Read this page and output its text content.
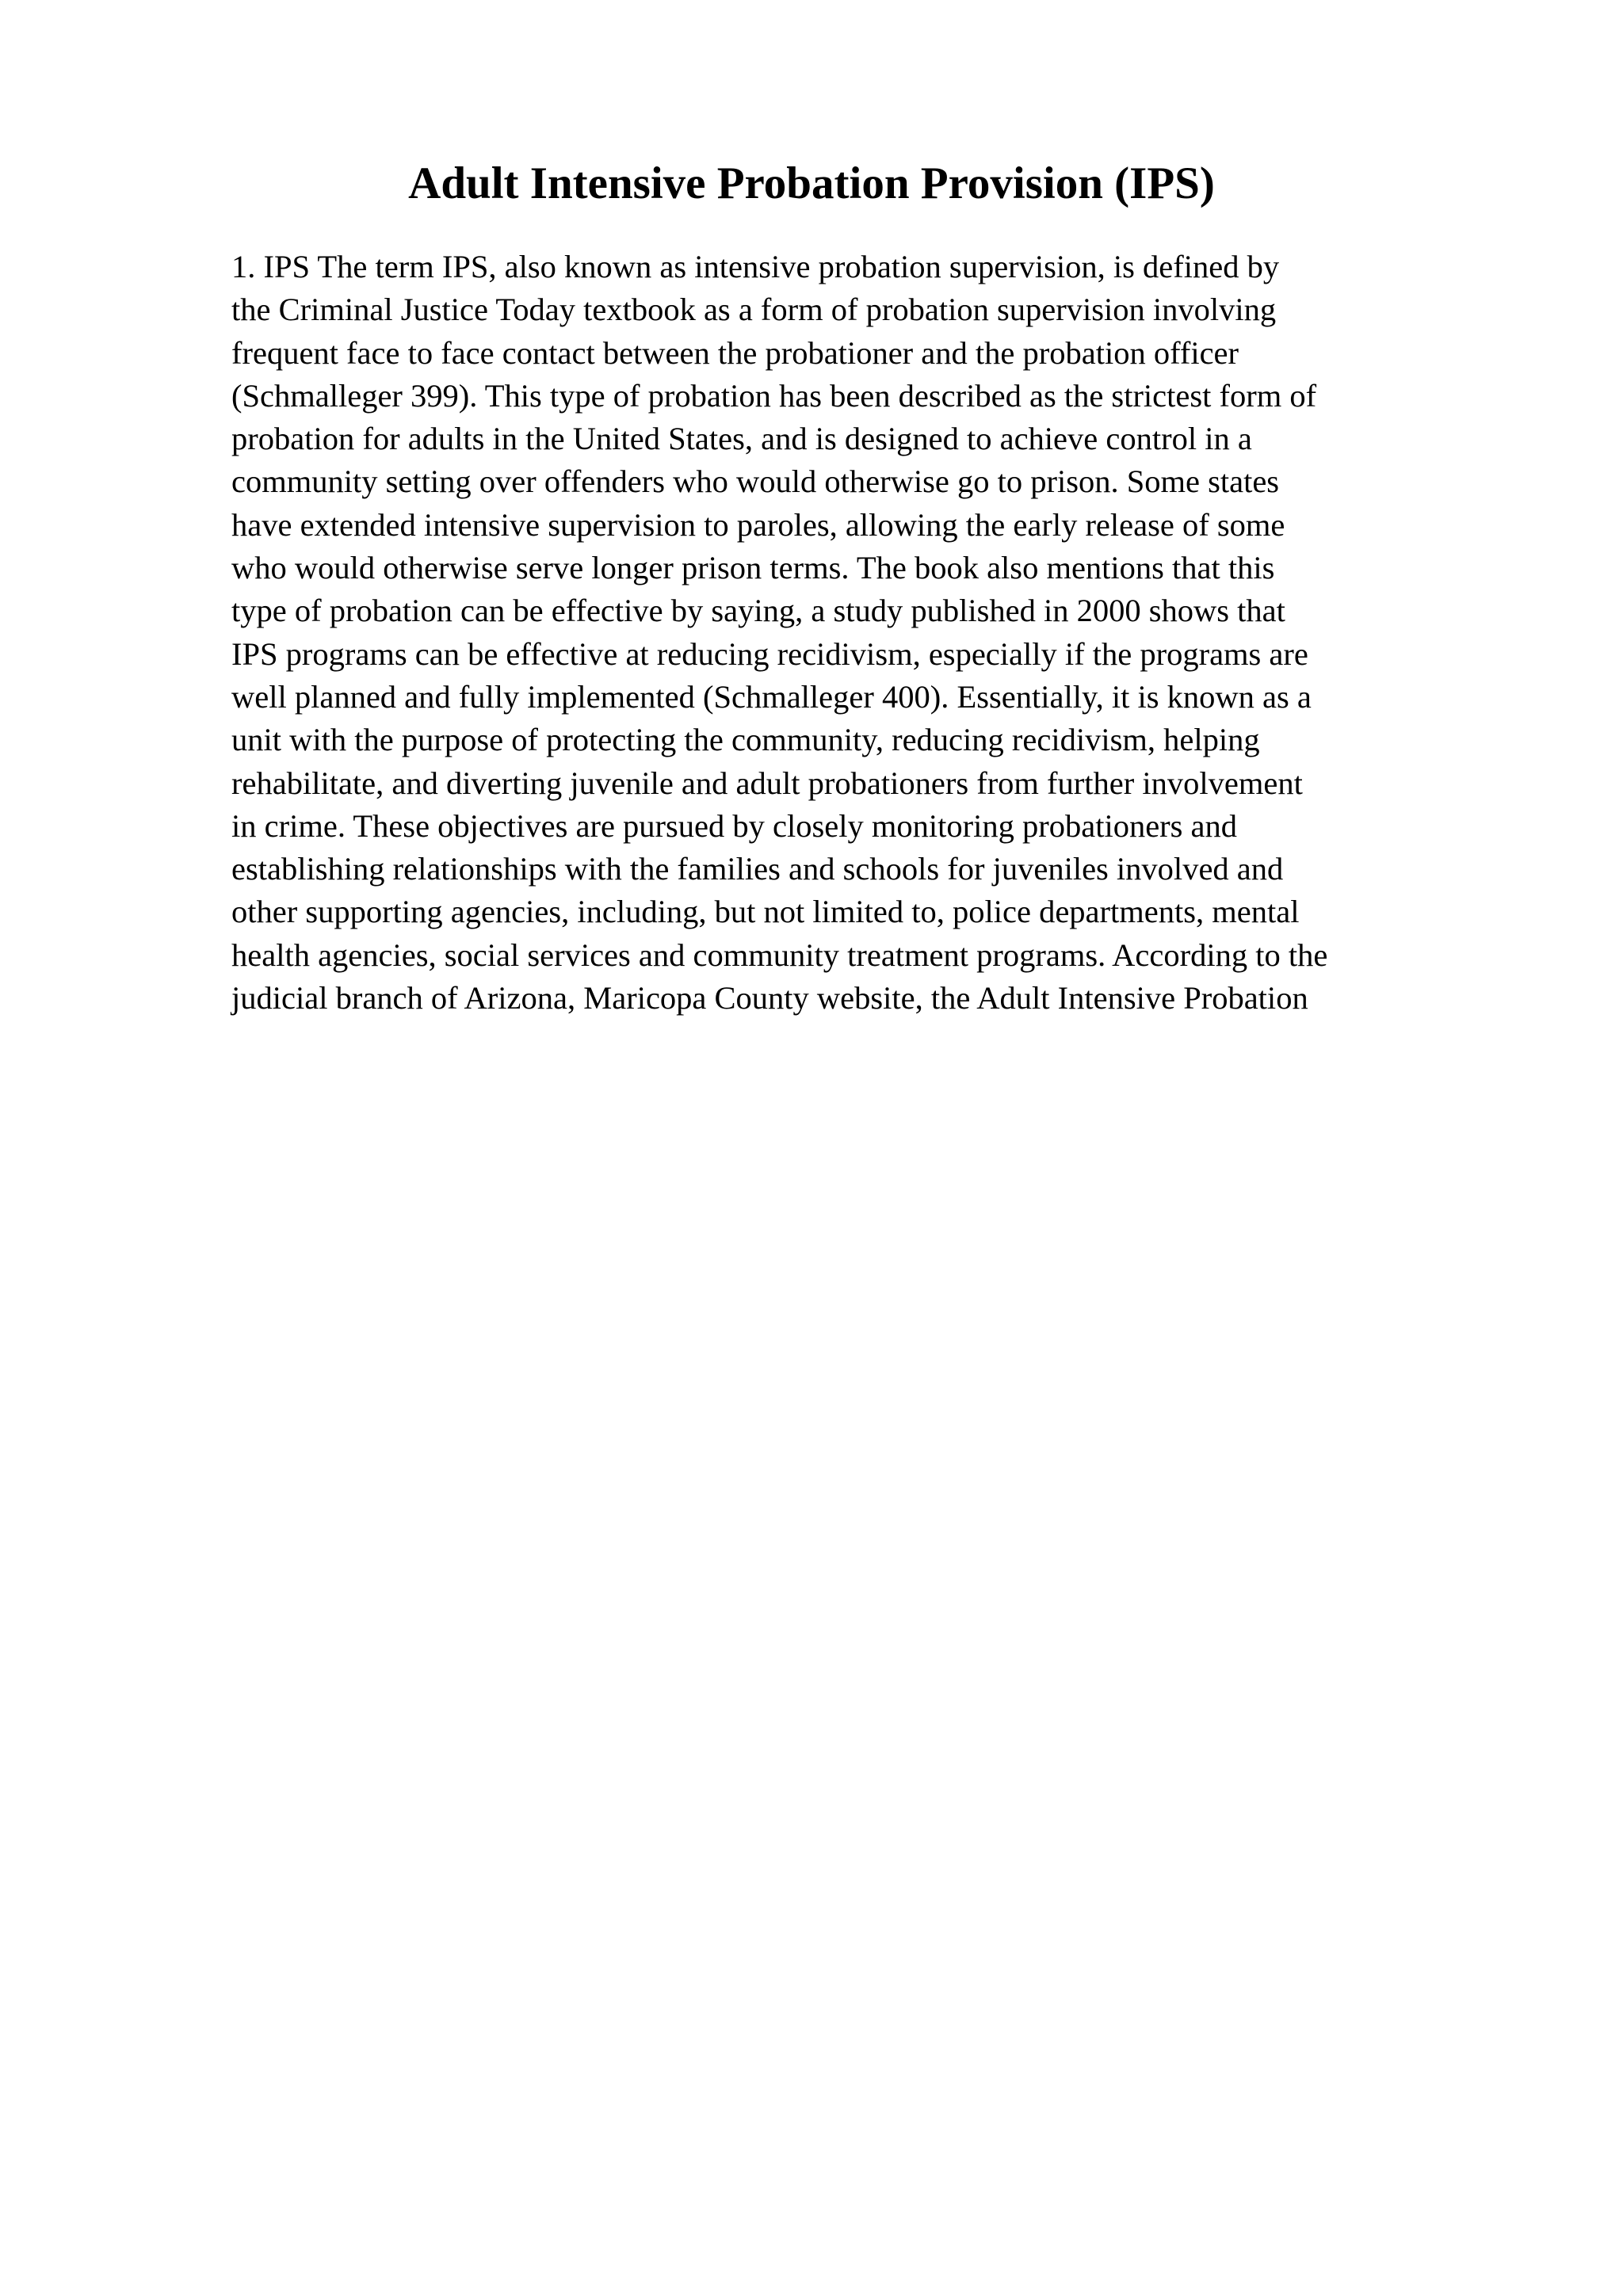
Adult Intensive Probation Provision (IPS)
1. IPS The term IPS, also known as intensive probation supervision, is defined by
the Criminal Justice Today textbook as a form of probation supervision involving
frequent face to face contact between the probationer and the probation officer
(Schmalleger 399). This type of probation has been described as the strictest form of
probation for adults in the United States, and is designed to achieve control in a
community setting over offenders who would otherwise go to prison. Some states
have extended intensive supervision to paroles, allowing the early release of some
who would otherwise serve longer prison terms. The book also mentions that this
type of probation can be effective by saying, a study published in 2000 shows that
IPS programs can be effective at reducing recidivism, especially if the programs are
well planned and fully implemented (Schmalleger 400). Essentially, it is known as a
unit with the purpose of protecting the community, reducing recidivism, helping
rehabilitate, and diverting juvenile and adult probationers from further involvement
in crime. These objectives are pursued by closely monitoring probationers and
establishing relationships with the families and schools for juveniles involved and
other supporting agencies, including, but not limited to, police departments, mental
health agencies, social services and community treatment programs. According to the
judicial branch of Arizona, Maricopa County website, the Adult Intensive Probation
